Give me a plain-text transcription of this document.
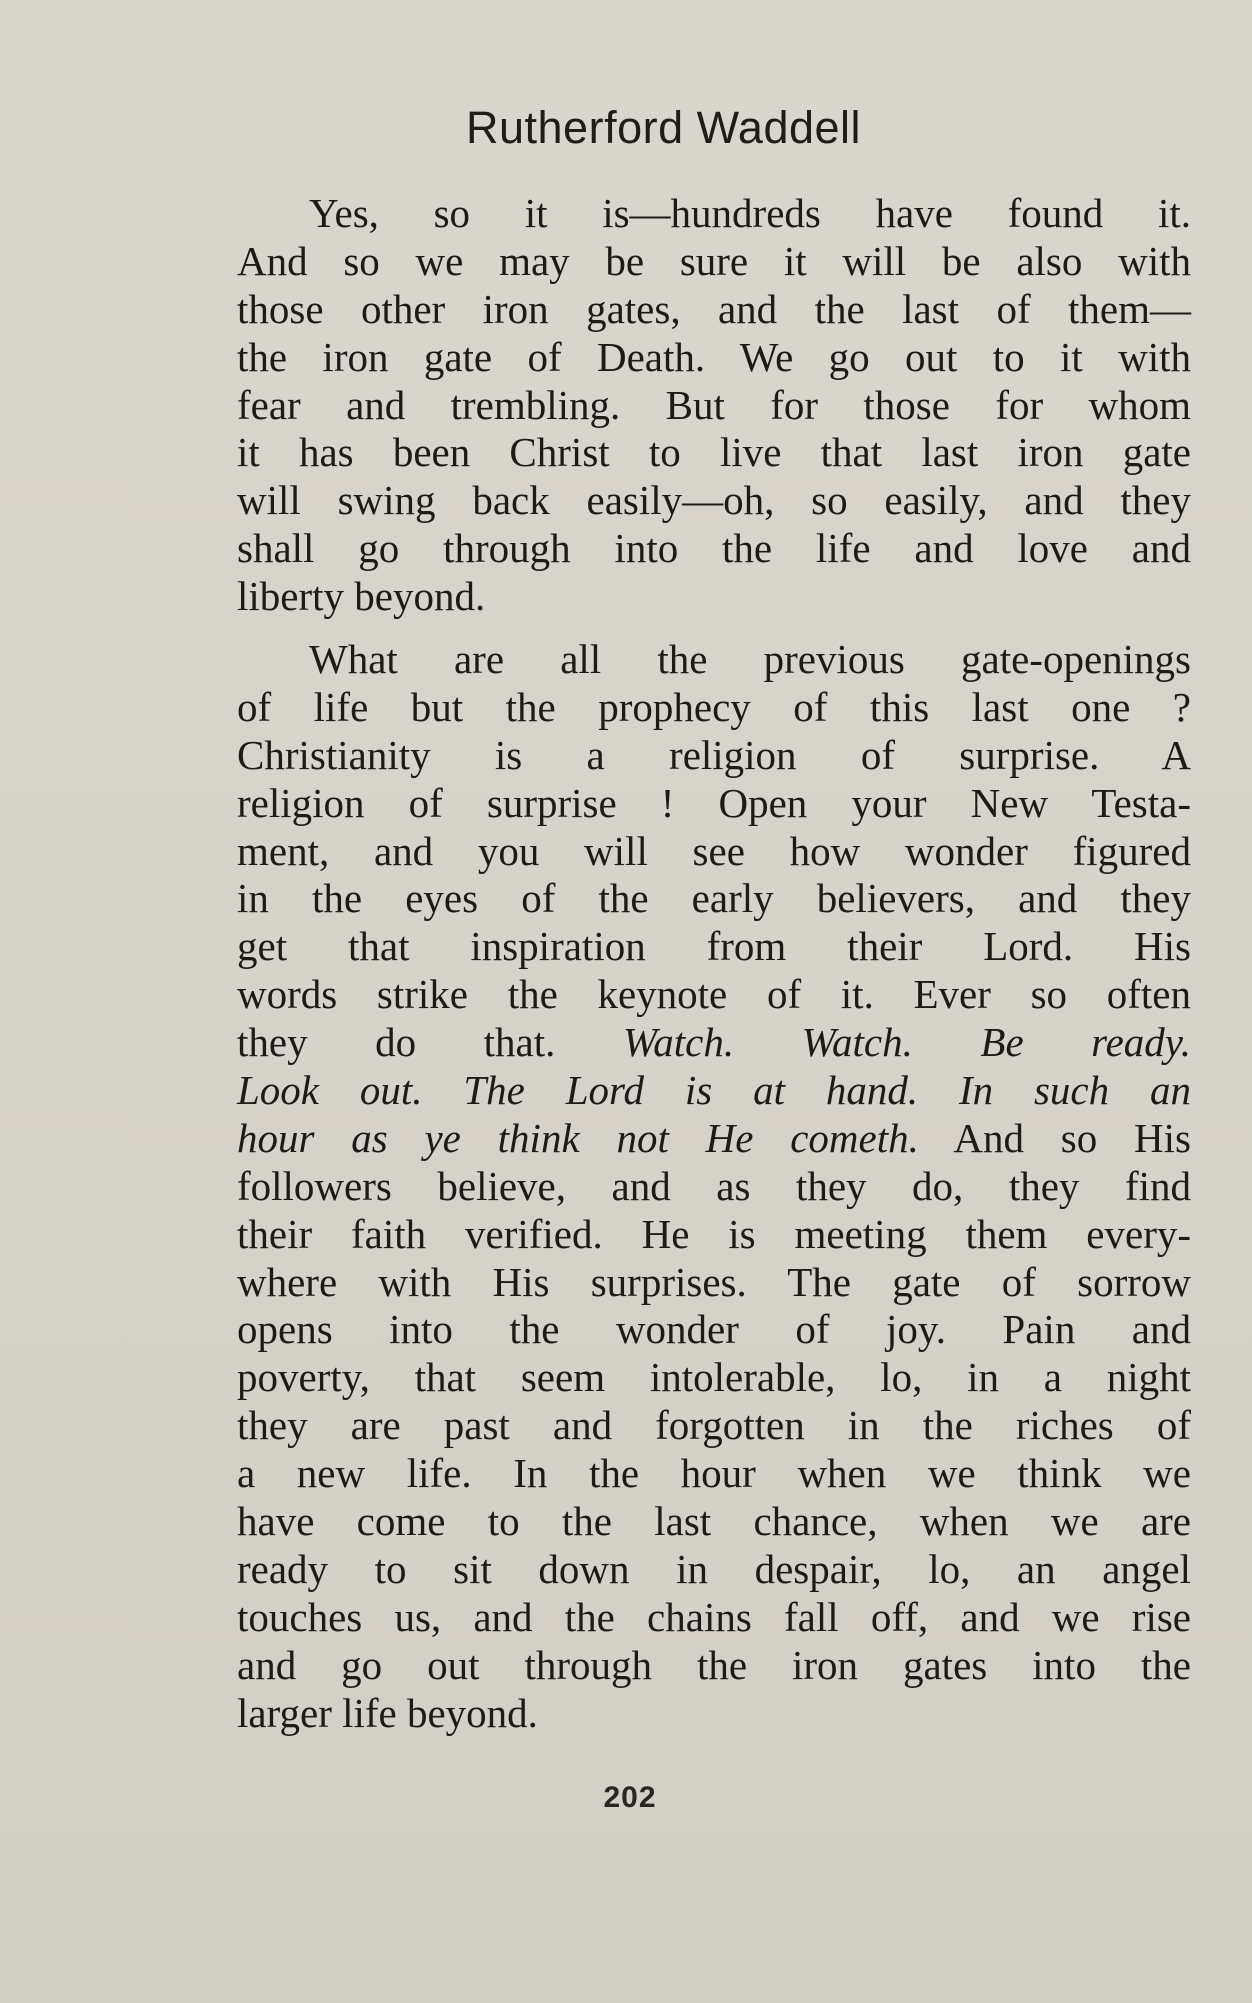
Rutherford Waddell

Yes, so it is—hundreds have found it.
And so we may be sure it will be also with
those other iron gates, and the last of them—
the iron gate of Death. We go out to it with
fear and trembling. But for those for whom
it has been Christ to live that last iron gate
will swing back easily—oh, so easily, and they
shall go through into the life and love and
liberty beyond.

What are all the previous gate-openings
of life but the prophecy of this last one ?
Christianity is a religion of surprise. A
religion of surprise ! Open your New Testa-
ment, and you will see how wonder figured
in the eyes of the early believers, and they
get that inspiration from their Lord. His
words strike the keynote of it. Ever so often
they do that. Watch. Watch. Be ready.
Look out. The Lord is at hand. In such an
hour as ye think not He cometh. And so His
followers believe, and as they do, they find
their faith verified. He is meeting them every-
where with His surprises. The gate of sorrow
opens into the wonder of joy. Pain and
poverty, that seem intolerable, lo, in a night
they are past and forgotten in the riches of
a new life. In the hour when we think we
have come to the last chance, when we are
ready to sit down in despair, lo, an angel
touches us, and the chains fall off, and we rise
and go out through the iron gates into the
larger life beyond.

202
